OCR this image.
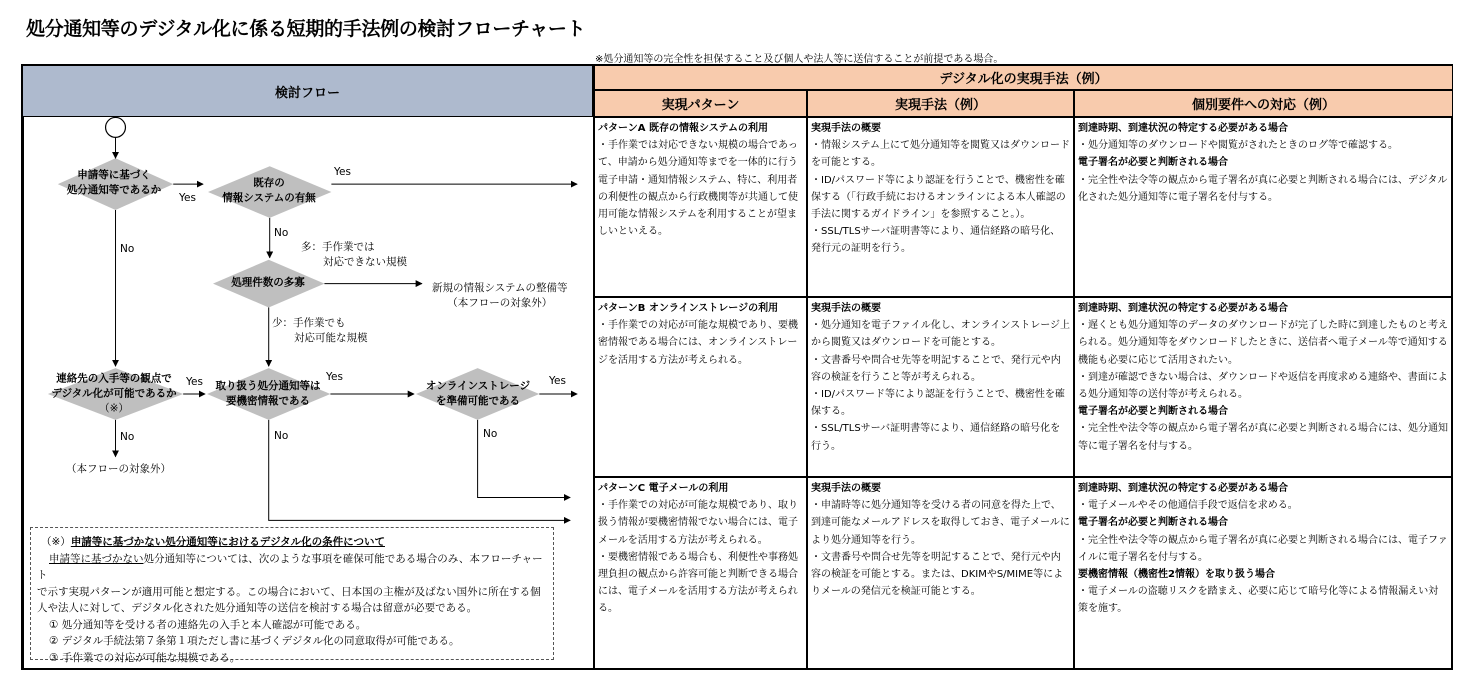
処分通知等のデジタル化に係る短期的手法例の検討フローチャート
※処分通知等の完全性を担保すること及び個人や法人等に送信することが前提である場合。
検討フロー
デジタル化の実現手法（例）
実現パターン	実現手法（例）	個別要件への対応（例）
申請等に基づく
処分通知等であるか
既存の
情報システムの有無
処理件数の多寡
連絡先の入手等の観点で
デジタル化が可能であるか
（※）
取り扱う処分通知等は
要機密情報である
オンラインストレージ
を準備可能である
Yes
Yes
No
No
多：手作業では
対応できない規模
新規の情報システムの整備等
（本フローの対象外）
少：手作業でも
対応可能な規模
Yes	Yes	Yes
No	No	No
（本フローの対象外）

（※）申請等に基づかない処分通知等におけるデジタル化の条件について

申請等に基づかない処分通知等については、次のような事項を確保可能である場合のみ、本フローチャート

で示す実現パターンが適用可能と想定する。この場合において、日本国の主権が及ばない国外に所在する個

人や法人に対して、デジタル化された処分通知等の送信を検討する場合は留意が必要である。

① 処分通知等を受ける者の連絡先の入手と本人確認が可能である。

② デジタル手続法第７条第１項ただし書に基づくデジタル化の同意取得が可能である。

③ 手作業での対応が可能な規模である。

パターンA 既存の情報システムの利用

・手作業では対応できない規模の場合であって、申請から処分通知等までを一体的に行う電子申請・通知情報システム、特に、利用者の利便性の観点から行政機関等が共通して使用可能な情報システムを利用することが望ましいといえる。

実現手法の概要

・情報システム上にて処分通知等を閲覧又はダウンロードを可能とする。

・ID/パスワード等により認証を行うことで、機密性を確保する（「行政手続におけるオンラインによる本人確認の手法に関するガイドライン」を参照すること。）。

・SSL/TLSサーバ証明書等により、通信経路の暗号化、発行元の証明を行う。

到達時期、到達状況の特定する必要がある場合

・処分通知等のダウンロードや閲覧がされたときのログ等で確認する。

電子署名が必要と判断される場合

・完全性や法令等の観点から電子署名が真に必要と判断される場合には、デジタル化された処分通知等に電子署名を付与する。

パターンB オンラインストレージの利用

・手作業での対応が可能な規模であり、要機密情報である場合には、オンラインストレージを活用する方法が考えられる。

実現手法の概要

・処分通知を電子ファイル化し、オンラインストレージ上から閲覧又はダウンロードを可能とする。

・文書番号や問合せ先等を明記することで、発行元や内容の検証を行うこと等が考えられる。

・ID/パスワード等により認証を行うことで、機密性を確保する。

・SSL/TLSサーバ証明書等により、通信経路の暗号化を行う。

到達時期、到達状況の特定する必要がある場合

・遅くとも処分通知等のデータのダウンロードが完了した時に到達したものと考えられる。処分通知等をダウンロードしたときに、送信者へ電子メール等で通知する機能も必要に応じて活用されたい。

・到達が確認できない場合は、ダウンロードや返信を再度求める連絡や、書面による処分通知等の送付等が考えられる。

電子署名が必要と判断される場合

・完全性や法令等の観点から電子署名が真に必要と判断される場合には、処分通知等に電子署名を付与する。

パターンC 電子メールの利用

・手作業での対応が可能な規模であり、取り扱う情報が要機密情報でない場合には、電子メールを活用する方法が考えられる。

・要機密情報である場合も、利便性や事務処理負担の観点から許容可能と判断できる場合には、電子メールを活用する方法が考えられる。

実現手法の概要

・申請時等に処分通知等を受ける者の同意を得た上で、到達可能なメールアドレスを取得しておき、電子メールにより処分通知等を行う。

・文書番号や問合せ先等を明記することで、発行元や内容の検証を可能とする。または、DKIMやS/MIME等によりメールの発信元を検証可能とする。

到達時期、到達状況の特定する必要がある場合

・電子メールやその他通信手段で返信を求める。

電子署名が必要と判断される場合

・完全性や法令等の観点から電子署名が真に必要と判断される場合には、電子ファイルに電子署名を付与する。

要機密情報（機密性2情報）を取り扱う場合

・電子メールの盗聴リスクを踏まえ、必要に応じて暗号化等による情報漏えい対策を施す。
